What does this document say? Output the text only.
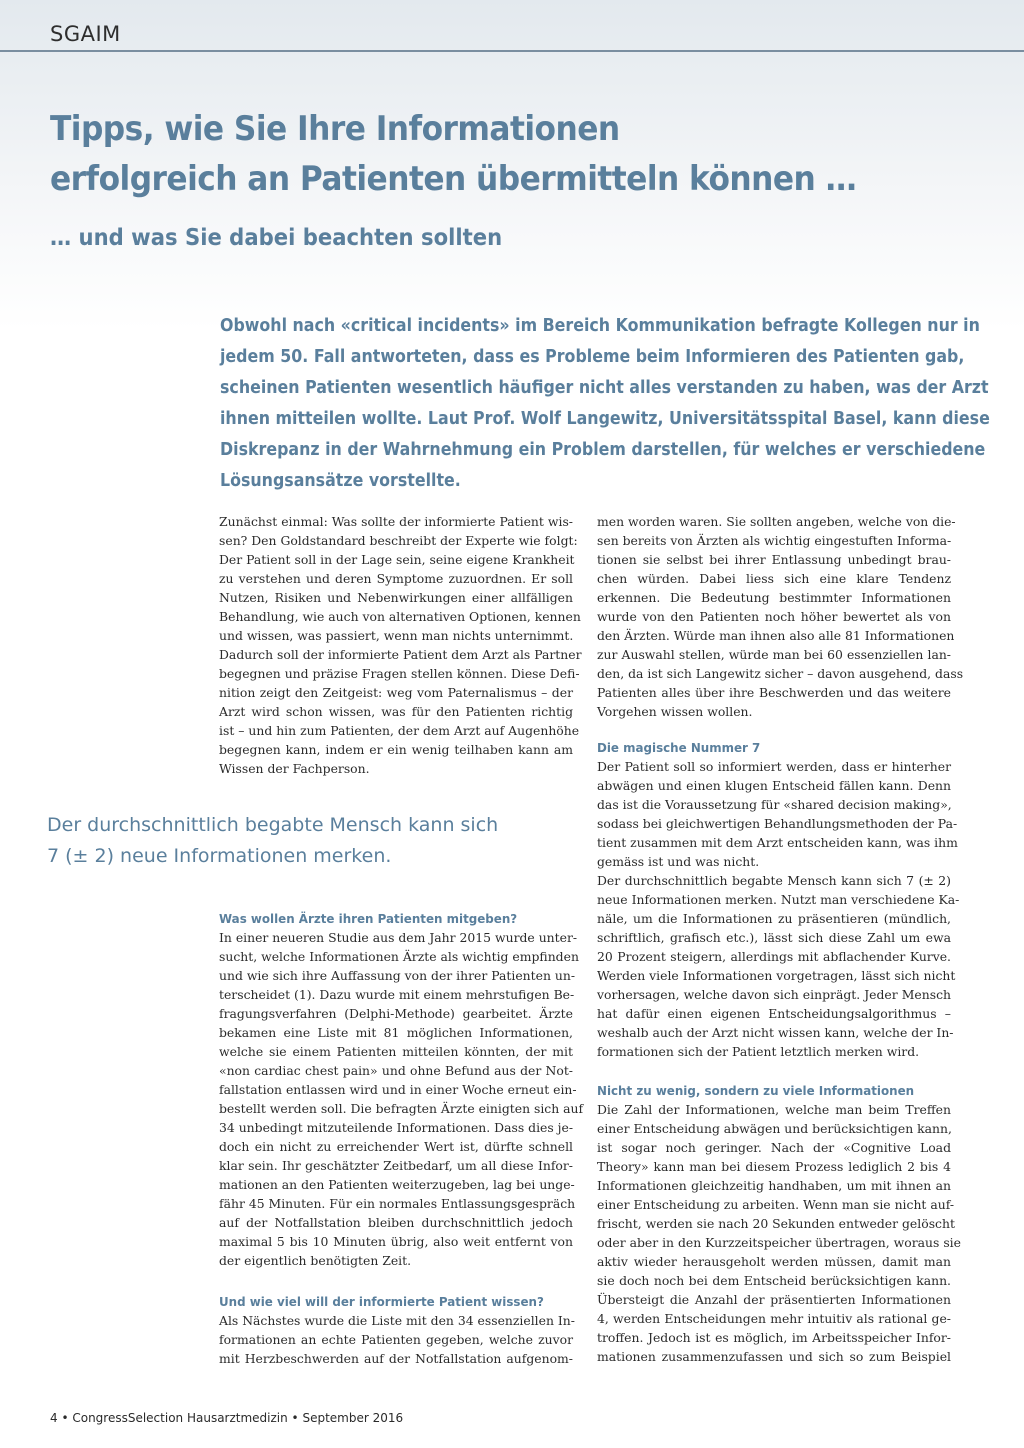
SGAIM
Tipps, wie Sie Ihre Informationen
erfolgreich an Patienten übermitteln können …
… und was Sie dabei beachten sollten
Obwohl nach «critical incidents» im Bereich Kommunikation befragte Kollegen nur in
jedem 50. Fall antworteten, dass es Probleme beim Informieren des Patienten gab,
scheinen Patienten wesentlich häufiger nicht alles verstanden zu haben, was der Arzt
ihnen mitteilen wollte. Laut Prof. Wolf Langewitz, Universitätsspital Basel, kann diese
Diskrepanz in der Wahrnehmung ein Problem darstellen, für welches er verschiedene
Lösungsansätze vorstellte.
Zunächst einmal: Was sollte der informierte Patient wis-
sen? Den Goldstandard beschreibt der Experte wie folgt:
Der Patient soll in der Lage sein, seine eigene Krankheit
zu verstehen und deren Symptome zuzuordnen. Er soll
Nutzen, Risiken und Nebenwirkungen einer allfälligen
Behandlung, wie auch von alternativen Optionen, kennen
und wissen, was passiert, wenn man nichts unternimmt.
Dadurch soll der informierte Patient dem Arzt als Partner
begegnen und präzise Fragen stellen können. Diese Defi-
nition zeigt den Zeitgeist: weg vom Paternalismus – der
Arzt wird schon wissen, was für den Patienten richtig
ist – und hin zum Patienten, der dem Arzt auf Augenhöhe
begegnen kann, indem er ein wenig teilhaben kann am
Wissen der Fachperson.
Der durchschnittlich begabte Mensch kann sich
7 (± 2) neue Informationen merken.
Was wollen Ärzte ihren Patienten mitgeben?
In einer neueren Studie aus dem Jahr 2015 wurde unter-
sucht, welche Informationen Ärzte als wichtig empfinden
und wie sich ihre Auffassung von der ihrer Patienten un-
terscheidet (1). Dazu wurde mit einem mehrstufigen Be-
fragungsverfahren (Delphi-Methode) gearbeitet. Ärzte
bekamen eine Liste mit 81 möglichen Informationen,
welche sie einem Patienten mitteilen könnten, der mit
«non cardiac chest pain» und ohne Befund aus der Not-
fallstation entlassen wird und in einer Woche erneut ein-
bestellt werden soll. Die befragten Ärzte einigten sich auf
34 unbedingt mitzuteilende Informationen. Dass dies je-
doch ein nicht zu erreichender Wert ist, dürfte schnell
klar sein. Ihr geschätzter Zeitbedarf, um all diese Infor-
mationen an den Patienten weiterzugeben, lag bei unge-
fähr 45 Minuten. Für ein normales Entlassungsgespräch
auf der Notfallstation bleiben durchschnittlich jedoch
maximal 5 bis 10 Minuten übrig, also weit entfernt von
der eigentlich benötigten Zeit.
Und wie viel will der informierte Patient wissen?
Als Nächstes wurde die Liste mit den 34 essenziellen In-
formationen an echte Patienten gegeben, welche zuvor
mit Herzbeschwerden auf der Notfallstation aufgenom-
men worden waren. Sie sollten angeben, welche von die-
sen bereits von Ärzten als wichtig eingestuften Informa-
tionen sie selbst bei ihrer Entlassung unbedingt brau-
chen würden. Dabei liess sich eine klare Tendenz
erkennen. Die Bedeutung bestimmter Informationen
wurde von den Patienten noch höher bewertet als von
den Ärzten. Würde man ihnen also alle 81 Informationen
zur Auswahl stellen, würde man bei 60 essenziellen lan-
den, da ist sich Langewitz sicher – davon ausgehend, dass
Patienten alles über ihre Beschwerden und das weitere
Vorgehen wissen wollen.
Die magische Nummer 7
Der Patient soll so informiert werden, dass er hinterher
abwägen und einen klugen Entscheid fällen kann. Denn
das ist die Voraussetzung für «shared decision making»,
sodass bei gleichwertigen Behandlungsmethoden der Pa-
tient zusammen mit dem Arzt entscheiden kann, was ihm
gemäss ist und was nicht.
Der durchschnittlich begabte Mensch kann sich 7 (± 2)
neue Informationen merken. Nutzt man verschiedene Ka-
näle, um die Informationen zu präsentieren (mündlich,
schriftlich, grafisch etc.), lässt sich diese Zahl um ewa
20 Prozent steigern, allerdings mit abflachender Kurve.
Werden viele Informationen vorgetragen, lässt sich nicht
vorhersagen, welche davon sich einprägt. Jeder Mensch
hat dafür einen eigenen Entscheidungsalgorithmus –
weshalb auch der Arzt nicht wissen kann, welche der In-
formationen sich der Patient letztlich merken wird.
Nicht zu wenig, sondern zu viele Informationen
Die Zahl der Informationen, welche man beim Treffen
einer Entscheidung abwägen und berücksichtigen kann,
ist sogar noch geringer. Nach der «Cognitive Load
Theory» kann man bei diesem Prozess lediglich 2 bis 4
Informationen gleichzeitig handhaben, um mit ihnen an
einer Entscheidung zu arbeiten. Wenn man sie nicht auf-
frischt, werden sie nach 20 Sekunden entweder gelöscht
oder aber in den Kurzzeitspeicher übertragen, woraus sie
aktiv wieder herausgeholt werden müssen, damit man
sie doch noch bei dem Entscheid berücksichtigen kann.
Übersteigt die Anzahl der präsentierten Informationen
4, werden Entscheidungen mehr intuitiv als rational ge-
troffen. Jedoch ist es möglich, im Arbeitsspeicher Infor-
mationen zusammenzufassen und sich so zum Beispiel
4 • CongressSelection Hausarztmedizin • September 2016
